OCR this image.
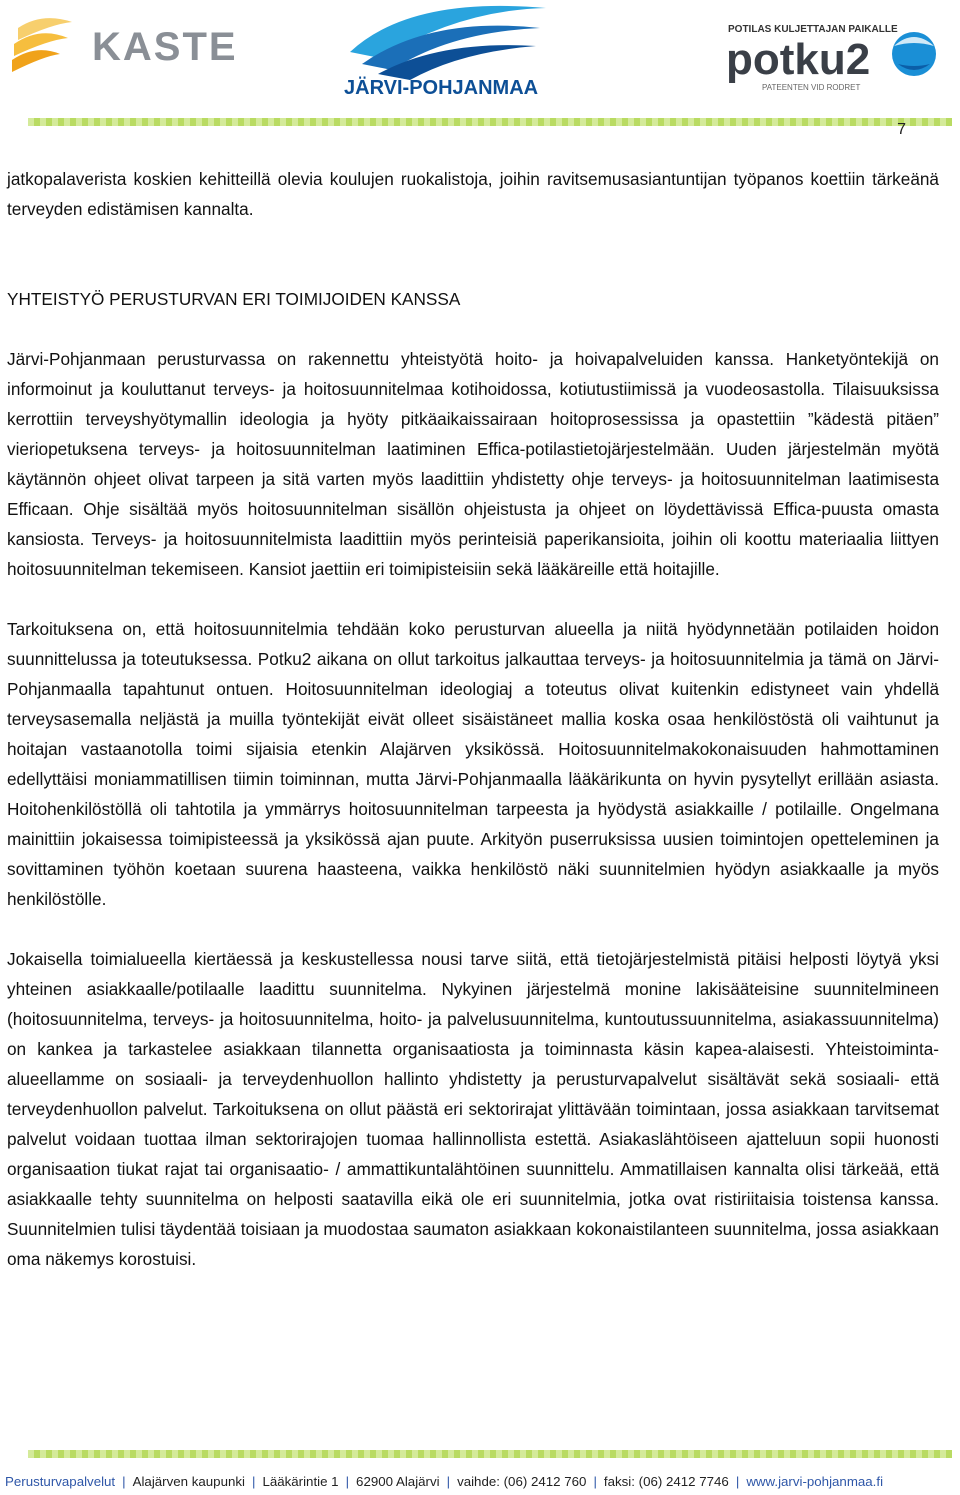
KASTE
JÄRVI-POHJANMAA
POTILAS KULJETTAJAN PAIKALLE
potku2
PATEENTEN VID RODRET
7

jatkopalaverista koskien kehitteillä olevia koulujen ruokalistoja, joihin ravitsemusasiantuntijan työpanos koettiin tärkeänä terveyden edistämisen kannalta.

YHTEISTYÖ PERUSTURVAN ERI TOIMIJOIDEN KANSSA

Järvi-Pohjanmaan perusturvassa on rakennettu yhteistyötä hoito- ja hoivapalveluiden kanssa. Hanketyöntekijä on informoinut ja kouluttanut terveys- ja hoitosuunnitelmaa kotihoidossa, kotiutustiimissä ja vuodeosastolla. Tilaisuuksissa kerrottiin terveyshyötymallin ideologia ja hyöty pitkäaikaissairaan hoitoprosessissa ja opastettiin ”kädestä pitäen” vieriopetuksena terveys- ja hoitosuunnitelman laatiminen Effica-potilastietojärjestelmään. Uuden järjestelmän myötä käytännön ohjeet olivat tarpeen ja sitä varten myös laadittiin yhdistetty ohje terveys- ja hoitosuunnitelman laatimisesta Efficaan. Ohje sisältää myös hoitosuunnitelman sisällön ohjeistusta ja ohjeet on löydettävissä Effica-puusta omasta kansiosta. Terveys- ja hoitosuunnitelmista laadittiin myös perinteisiä paperikansioita, joihin oli koottu materiaalia liittyen hoitosuunnitelman tekemiseen. Kansiot jaettiin eri toimipisteisiin sekä lääkäreille että hoitajille.

Tarkoituksena on, että hoitosuunnitelmia tehdään koko perusturvan alueella ja niitä hyödynnetään potilaiden hoidon suunnittelussa ja toteutuksessa. Potku2 aikana on ollut tarkoitus jalkauttaa terveys- ja hoitosuunnitelmia ja tämä on Järvi-Pohjanmaalla tapahtunut ontuen. Hoitosuunnitelman ideologiaj a toteutus olivat kuitenkin edistyneet vain yhdellä terveysasemalla neljästä ja muilla työntekijät eivät olleet sisäistäneet mallia koska osaa henkilöstöstä oli vaihtunut ja hoitajan vastaanotolla toimi sijaisia etenkin Alajärven yksikössä. Hoitosuunnitelmakokonaisuuden hahmottaminen edellyttäisi moniammatillisen tiimin toiminnan, mutta Järvi-Pohjanmaalla lääkärikunta on hyvin pysytellyt erillään asiasta. Hoitohenkilöstöllä oli tahtotila ja ymmärrys hoitosuunnitelman tarpeesta ja hyödystä asiakkaille / potilaille. Ongelmana mainittiin jokaisessa toimipisteessä ja yksikössä ajan puute. Arkityön puserruksissa uusien toimintojen opetteleminen ja sovittaminen työhön koetaan suurena haasteena, vaikka henkilöstö näki suunnitelmien hyödyn asiakkaalle ja myös henkilöstölle.

Jokaisella toimialueella kiertäessä ja keskustellessa nousi tarve siitä, että tietojärjestelmistä pitäisi helposti löytyä yksi yhteinen asiakkaalle/potilaalle laadittu suunnitelma. Nykyinen järjestelmä monine lakisääteisine suunnitelmineen (hoitosuunnitelma, terveys- ja hoitosuunnitelma, hoito- ja palvelusuunnitelma, kuntoutussuunnitelma, asiakassuunnitelma) on kankea ja tarkastelee asiakkaan tilannetta organisaatiosta ja toiminnasta käsin kapea-alaisesti. Yhteistoiminta-alueellamme on sosiaali- ja terveydenhuollon hallinto yhdistetty ja perusturvapalvelut sisältävät sekä sosiaali- että terveydenhuollon palvelut. Tarkoituksena on ollut päästä eri sektorirajat ylittävään toimintaan, jossa asiakkaan tarvitsemat palvelut voidaan tuottaa ilman sektorirajojen tuomaa hallinnollista estettä. Asiakaslähtöiseen ajatteluun sopii huonosti organisaation tiukat rajat tai organisaatio- / ammattikuntalähtöinen suunnittelu. Ammatillaisen kannalta olisi tärkeää, että asiakkaalle tehty suunnitelma on helposti saatavilla eikä ole eri suunnitelmia, jotka ovat ristiriitaisia toistensa kanssa. Suunnitelmien tulisi täydentää toisiaan ja muodostaa saumaton asiakkaan kokonaistilanteen suunnitelma, jossa asiakkaan oma näkemys korostuisi.

Perusturvapalvelut | Alajärven kaupunki | Lääkärintie 1 | 62900 Alajärvi | vaihde: (06) 2412 760 | faksi: (06) 2412 7746 | www.jarvi-pohjanmaa.fi
